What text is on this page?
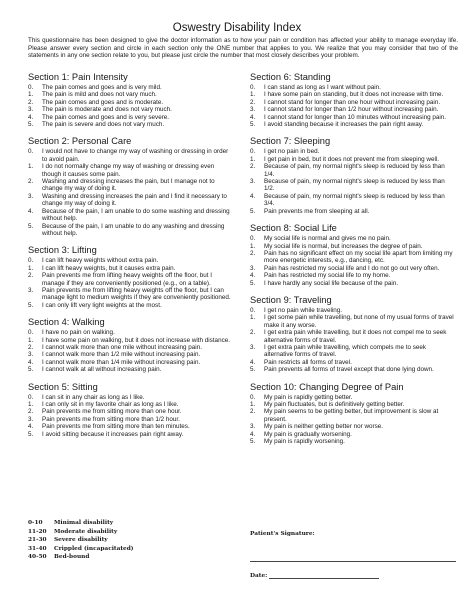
Oswestry Disability Index

This questionnaire has been designed to give the doctor information as to how your pain or condition has affected your ability to manage everyday life. Please answer every section and circle in each section only the ONE number that applies to you. We realize that you may consider that two of the statements in any one section relate to you, but please just circle the number that most closely describes your problem.

Section 1: Pain Intensity
0.	The pain comes and goes and is very mild.
1.	The pain is mild and does not vary much.
2.	The pain comes and goes and is moderate.
3.	The pain is moderate and does not vary much.
4.	The pain comes and goes and is very severe.
5.	The pain is severe and does not vary much.
Section 2: Personal Care
0.	I would not have to change my way of washing or dressing in order to avoid pain.
1.	I do not normally change my way of washing or dressing even though it causes some pain.
2.	Washing and dressing increases the pain, but I manage not to change my way of doing it.
3.	Washing and dressing increases the pain and I find it necessary to change my way of doing it.
4.	Because of the pain, I am unable to do some washing and dressing without help.
5.	Because of the pain, I am unable to do any washing and dressing without help.
Section 3: Lifting
0.	I can lift heavy weights without extra pain.
1.	I can lift heavy weights, but it causes extra pain.
2.	Pain prevents me from lifting heavy weights off the floor, but I manage if they are conveniently positioned (e.g., on a table).
3.	Pain prevents me from lifting heavy weights off the floor, but I can manage light to medium weights if they are conveniently positioned.
5.	I can only lift very light weights at the most.
Section 4: Walking
0.	I have no pain on walking.
1.	I have some pain on walking, but it does not increase with distance.
2.	I cannot walk more than one mile without increasing pain.
3.	I cannot walk more than 1/2 mile without increasing pain.
4.	I cannot walk more than 1/4 mile without increasing pain.
5.	I cannot walk at all without increasing pain.
Section 5: Sitting
0.	I can sit in any chair as long as I like.
1.	I can only sit in my favorite chair as long as I like.
2.	Pain prevents me from sitting more than one hour.
3.	Pain prevents me from sitting more than 1/2 hour.
4.	Pain prevents me from sitting more than ten minutes.
5.	I avoid sitting because it increases pain right away.
Section 6: Standing
0.	I can stand as long as I want without pain.
1.	I have some pain on standing, but it does not increase with time.
2.	I cannot stand for longer than one hour without increasing pain.
3.	I cannot stand for longer than 1/2 hour without increasing pain.
4.	I cannot stand for longer than 10 minutes without increasing pain.
5.	I avoid standing because it increases the pain right away.
Section 7: Sleeping
0.	I get no pain in bed.
1.	I get pain in bed, but it does not prevent me from sleeping well.
2.	Because of pain, my normal night's sleep is reduced by less than 1/4.
3.	Because of pain, my normal night's sleep is reduced by less than 1/2.
4.	Because of pain, my normal night's sleep is reduced by less than 3/4.
5.	Pain prevents me from sleeping at all.
Section 8: Social Life
0.	My social life is normal and gives me no pain.
1.	My social life is normal, but increases the degree of pain.
2.	Pain has no significant effect on my social life apart from limiting my more energetic interests, e.g., dancing, etc.
3.	Pain has restricted my social life and I do not go out very often.
4.	Pain has restricted my social life to my home.
5.	I have hardly any social life because of the pain.
Section 9: Traveling
0.	I get no pain while traveling.
1.	I get some pain while travelling, but none of my usual forms of travel make it any worse.
2.	I get extra pain while travelling, but it does not compel me to seek alternative forms of travel.
3.	I get extra pain while travelling, which compels me to seek alternative forms of travel.
4.	Pain restricts all forms of travel.
5.	Pain prevents all forms of travel except that done lying down.
Section 10: Changing Degree of Pain
0.	My pain is rapidly getting better.
1.	My pain fluctuates, but is definitively getting better.
2.	My pain seems to be getting better, but improvement is slow at present.
3.	My pain is neither getting better nor worse.
4.	My pain is gradually worsening.
5.	My pain is rapidly worsening.
0-10	Minimal disability
11-20	Moderate disability
21-30	Severe disability
31-40	Crippled (incapacitated)
40-50	Bed-bound
Patient's Signature:
Date:
